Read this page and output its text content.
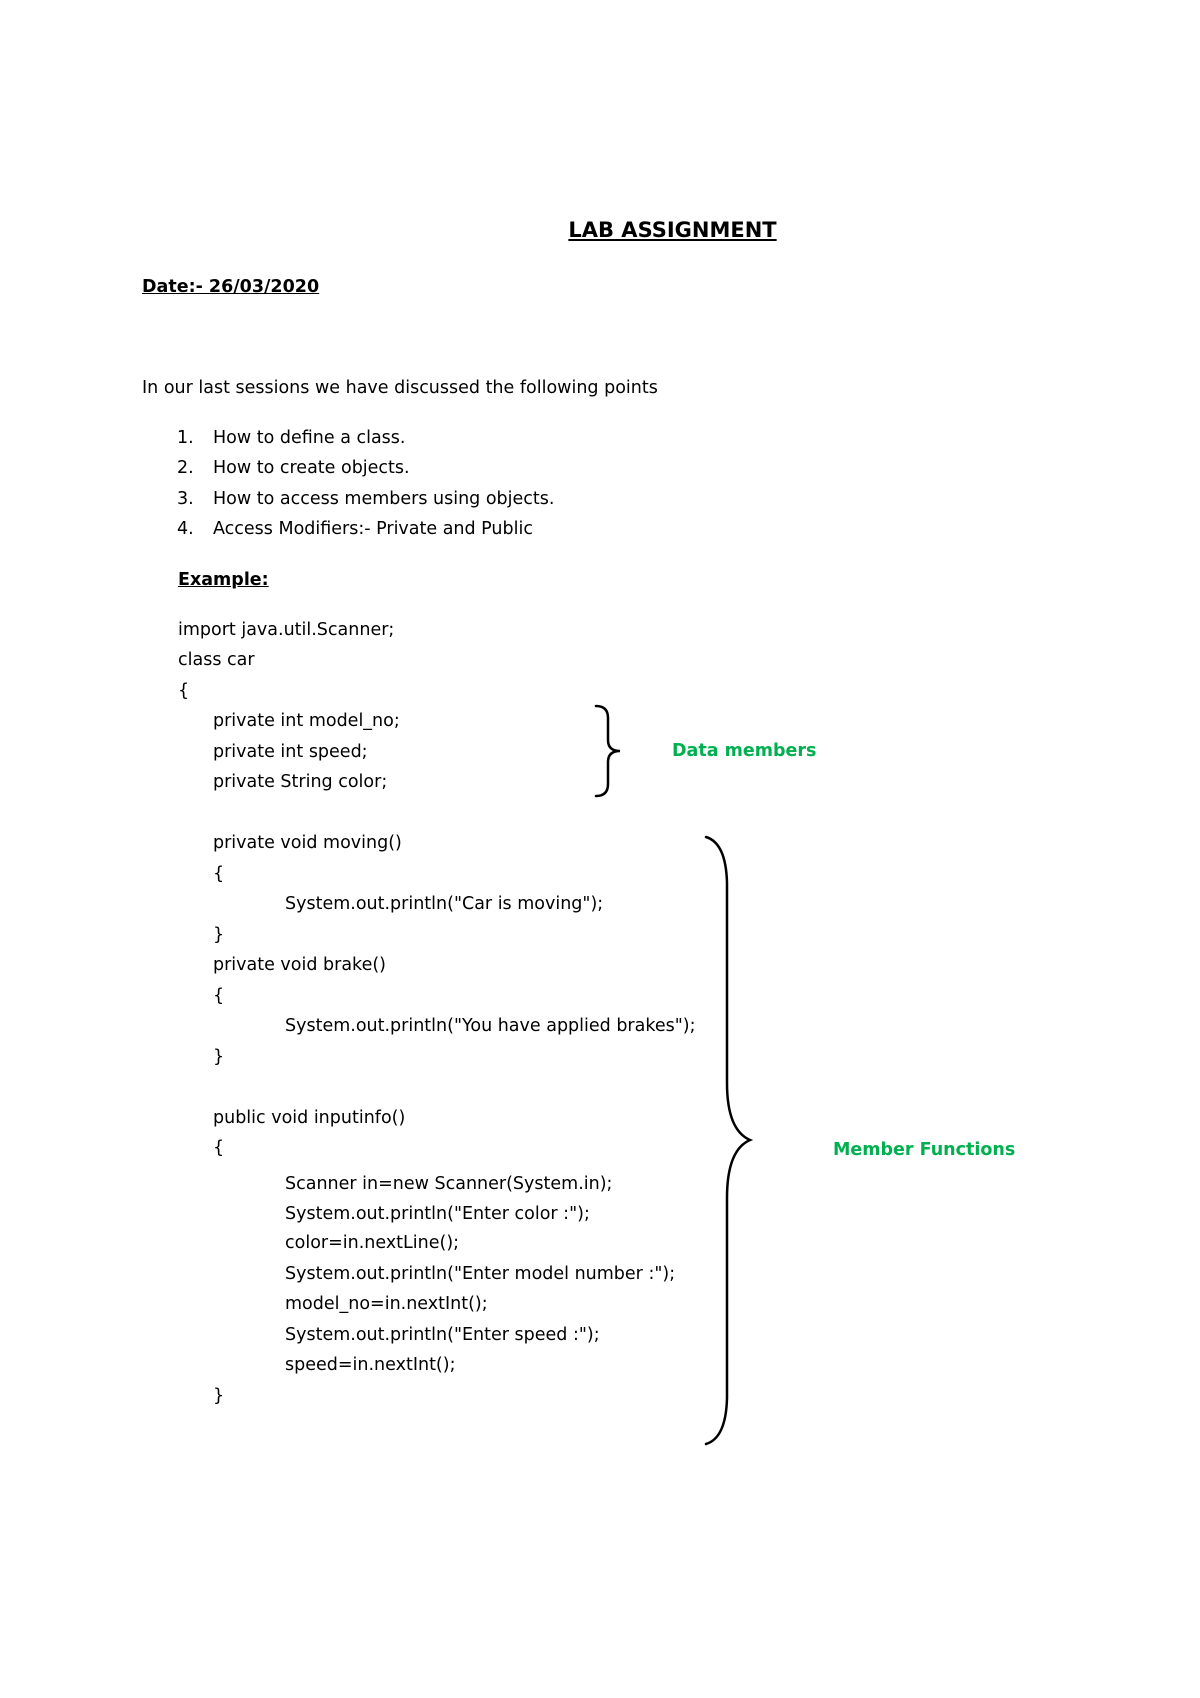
LAB ASSIGNMENT
Date:- 26/03/2020
In our last sessions we have discussed the following points
1. How to define a class.
2. How to create objects.
3. How to access members using objects.
4. Access Modifiers:- Private and Public
Example:
import java.util.Scanner;
class car
{
private int model_no;
private int speed;
private String color;
private void moving()
{
System.out.println("Car is moving");
}
private void brake()
{
System.out.println("You have applied brakes");
}
public void inputinfo()
{
Scanner in=new Scanner(System.in);
System.out.println("Enter color :");
color=in.nextLine();
System.out.println("Enter model number :");
model_no=in.nextInt();
System.out.println("Enter speed :");
speed=in.nextInt();
}
Data members
Member Functions
